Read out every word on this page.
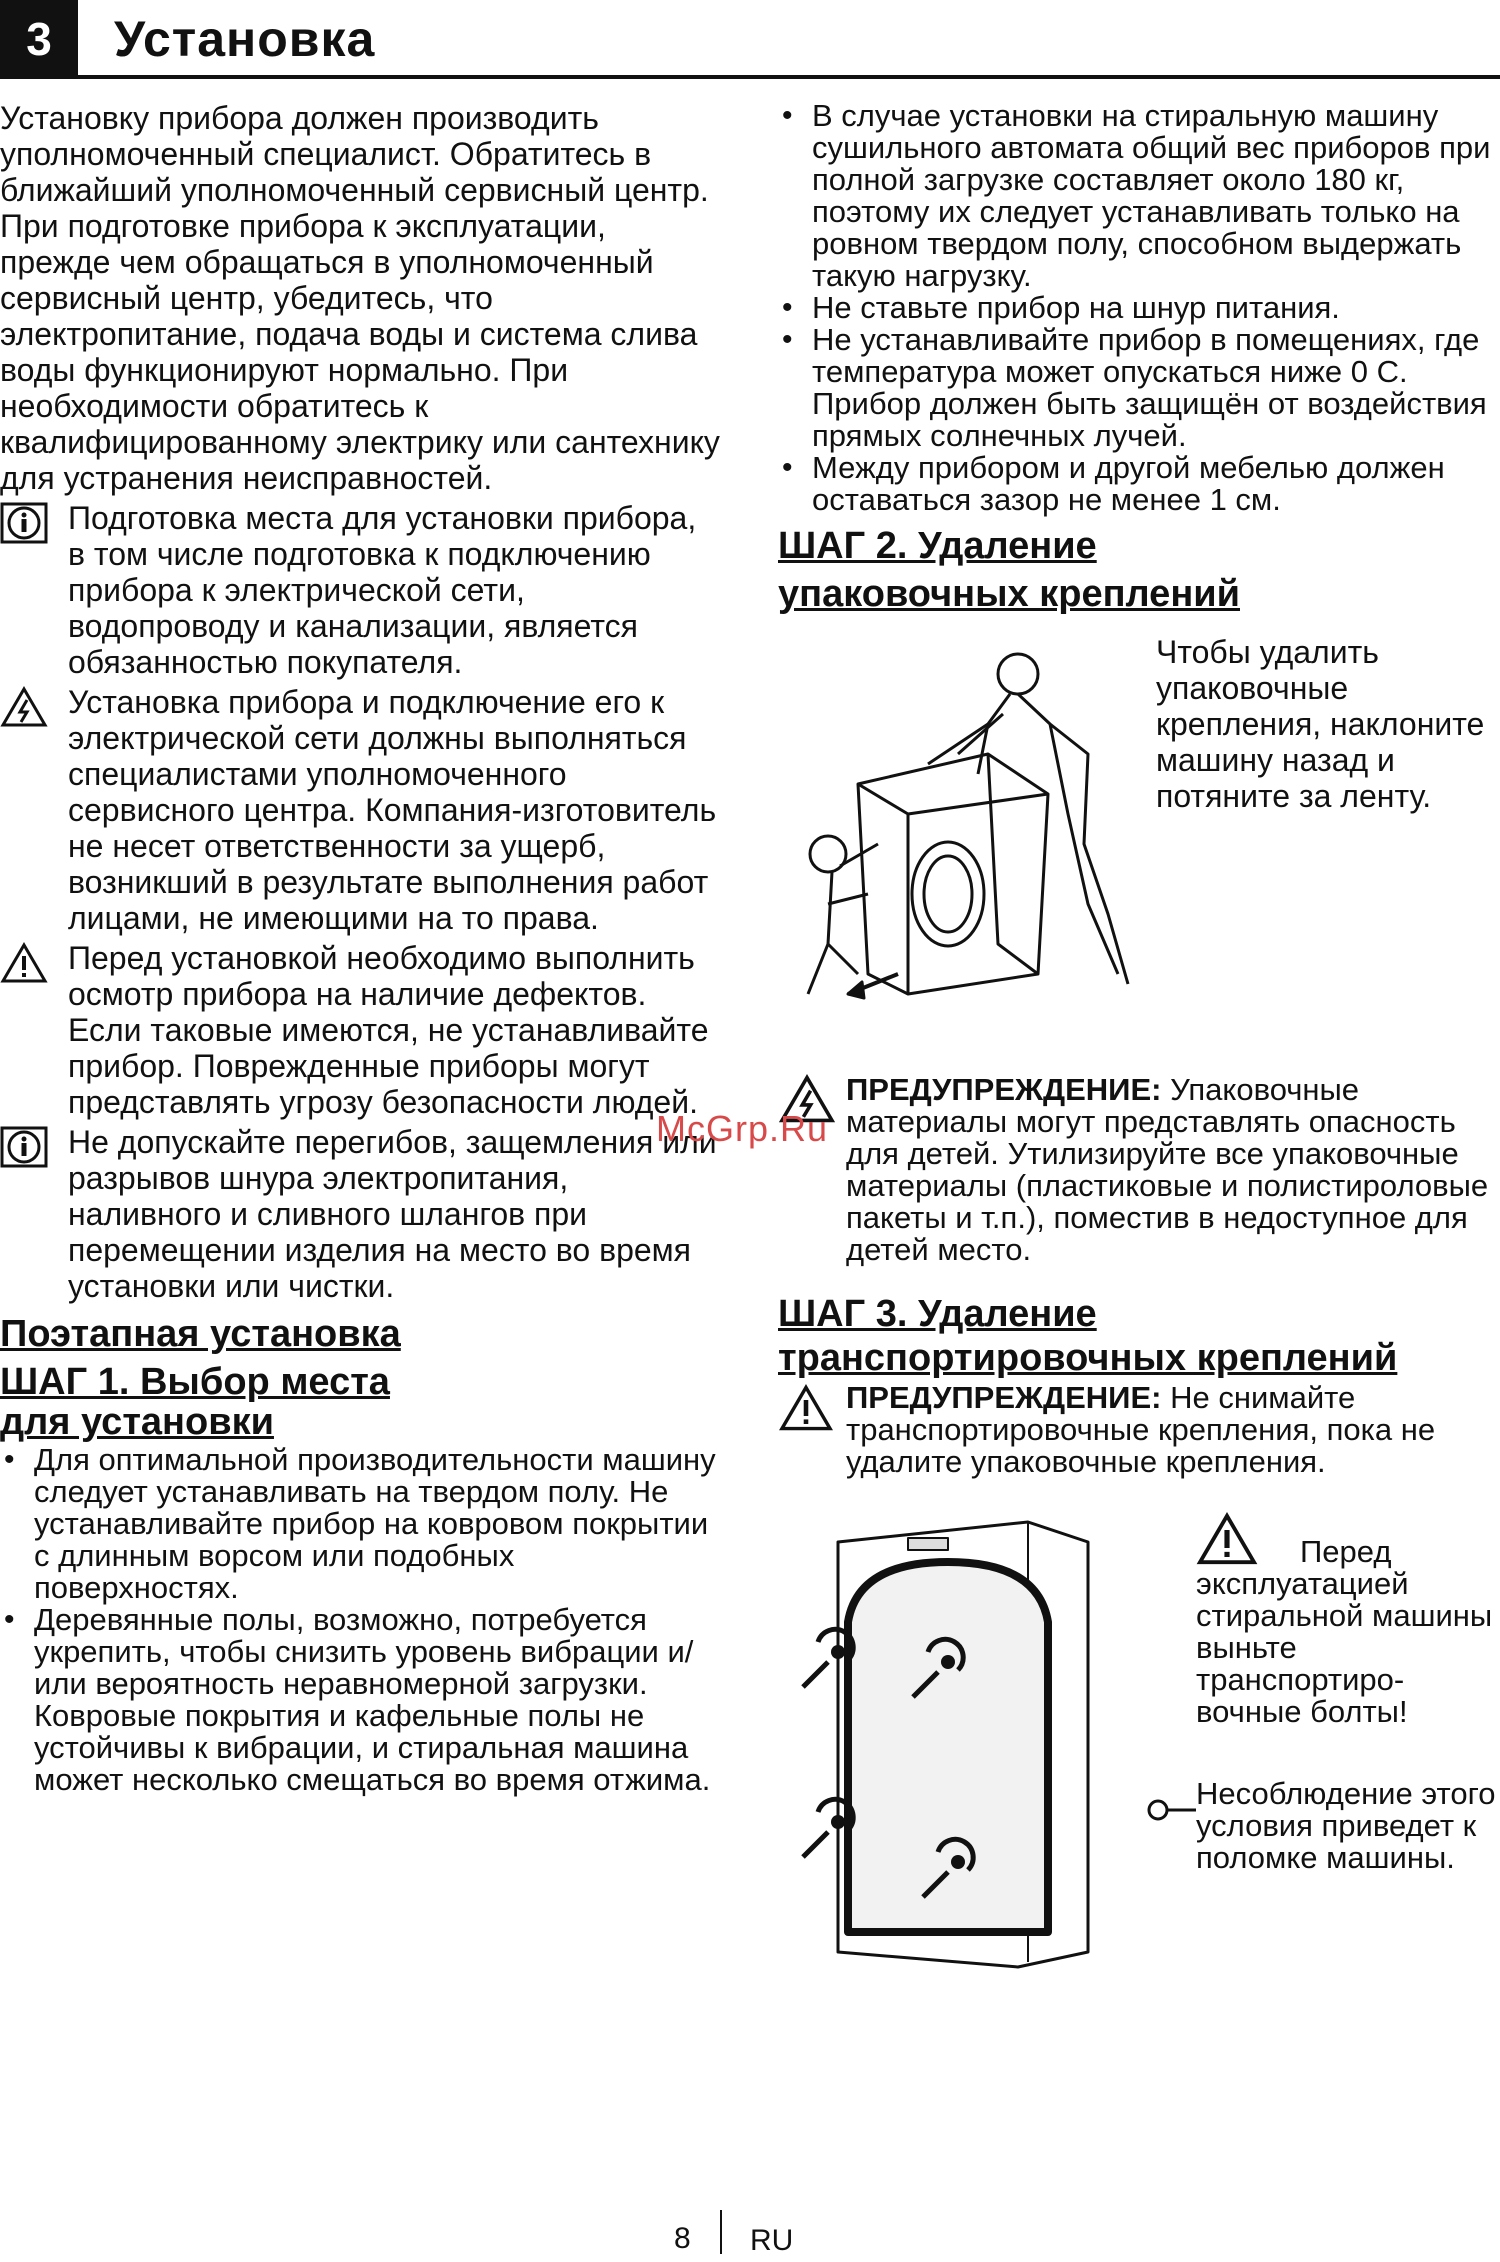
3	Установка
Установку прибора должен производить уполномоченный специалист. Обратитесь в ближайший уполномоченный сервисный центр. При подготовке прибора к эксплуатации, прежде чем обращаться в уполномоченный сервисный центр, убедитесь, что электропитание, подача воды и система слива воды функционируют нормально. При необходимости обратитесь к квалифицированному электрику или сантехнику для устранения неисправностей.
Подготовка места для установки прибора, в том числе подготовка к подключению прибора к электрической сети, водопроводу и канализации, является обязанностью покупателя.
Установка прибора и подключение его к электрической сети должны выполняться специалистами уполномоченного сервисного центра. Компания-изготовитель не несет ответственности за ущерб, возникший в результате выполнения работ лицами, не имеющими на то права.
Перед установкой необходимо выполнить осмотр прибора на наличие дефектов. Если таковые имеются, не устанавливайте прибор. Поврежденные приборы могут представлять угрозу безопасности людей.
Не допускайте перегибов, защемления или разрывов шнура электропитания, наливного и сливного шлангов при перемещении изделия на место во время установки или чистки.
Поэтапная установка
ШАГ 1. Выбор места
для установки
• Для оптимальной производительности машину следует устанавливать на твердом полу. Не устанавливайте прибор на ковровом покрытии с длинным ворсом или подобных поверхностях.
• Деревянные полы, возможно, потребуется укрепить, чтобы снизить уровень вибрации и/или вероятность неравномерной загрузки. Ковровые покрытия и кафельные полы не устойчивы к вибрации, и стиральная машина может несколько смещаться во время отжима.
• В случае установки на стиральную машину сушильного автомата общий вес приборов при полной загрузке составляет около 180 кг, поэтому их следует устанавливать только на ровном твердом полу, способном выдержать такую нагрузку.
• Не ставьте прибор на шнур питания.
• Не устанавливайте прибор в помещениях, где температура может опускаться ниже 0 С. Прибор должен быть защищён от воздействия прямых солнечных лучей.
• Между прибором и другой мебелью должен оставаться зазор не менее 1 см.
ШАГ 2. Удаление
упаковочных креплений
Чтобы удалить упаковочные крепления, наклоните машину назад и потяните за ленту.
ПРЕДУПРЕЖДЕНИЕ: Упаковочные материалы могут представлять опасность для детей. Утилизируйте все упаковочные материалы (пластиковые и полистироловые пакеты и т.п.), поместив в недоступное для детей место.
ШАГ 3. Удаление
транспортировочных креплений
ПРЕДУПРЕЖДЕНИЕ: Не снимайте транспортировочные крепления, пока не удалите упаковочные крепления.
Перед эксплуатацией стиральной машины выньте транспортиро-вочные болты!
Несоблюдение этого условия приведет к поломке машины.
McGrp.Ru
8 RU
